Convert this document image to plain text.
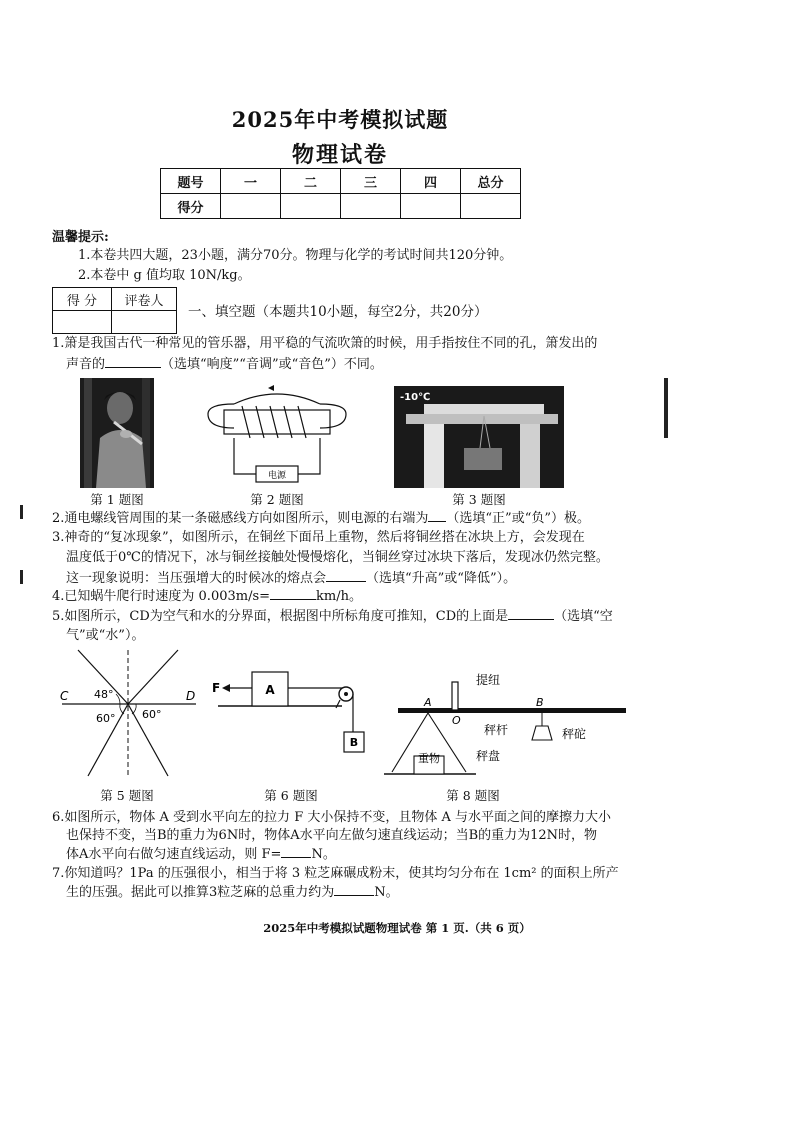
2025年中考模拟试题
物理试卷
题号	一	二	三	四	总分
得分					
温馨提示:
1.本卷共四大题，23小题，满分70分。物理与化学的考试时间共120分钟。
2.本卷中 g 值均取 10N/kg。
得 分	评卷人

一、填空题（本题共10小题，每空2分，共20分）
1.箫是我国古代一种常见的管乐器，用平稳的气流吹箫的时候，用手指按住不同的孔，箫发出的
声音的	（选填“响度”“音调”或“音色”）不同。
第 1 题图
电源
第 2 题图
-10℃
第 3 题图
2.通电螺线管周围的某一条磁感线方向如图所示，则电源的右端为 （选填“正”或“负”）极。
3.神奇的“复冰现象”，如图所示，在铜丝下面吊上重物，然后将铜丝搭在冰块上方，会发现在
温度低于0℃的情况下，冰与铜丝接触处慢慢熔化，当铜丝穿过冰块下落后，发现冰仍然完整。
这一现象说明：当压强增大的时候冰的熔点会	（选填“升高”或“降低”）。
4.已知蜗牛爬行时速度为 0.003m/s=	km/h。
5.如图所示，CD为空气和水的分界面，根据图中所标角度可推知，CD的上面是	（选填“空
气”或“水”）。
C	D
48°
60° 60°
第 5 题图
A
F
B
第 6 题图
提纽
A
O
B
秤杆
重物	秤盘
秤砣
第 8 题图
6.如图所示，物体 A 受到水平向左的拉力 F 大小保持不变，且物体 A 与水平面之间的摩擦力大小
也保持不变，当B的重力为6N时，物体A水平向左做匀速直线运动；当B的重力为12N时，物
体A水平向右做匀速直线运动，则 F= N。
7.你知道吗？1Pa 的压强很小，相当于将 3 粒芝麻碾成粉末，使其均匀分布在 1cm² 的面积上所产
生的压强。据此可以推算3粒芝麻的总重力约为	N。
2025年中考模拟试题物理试卷 第 1 页.（共 6 页）
